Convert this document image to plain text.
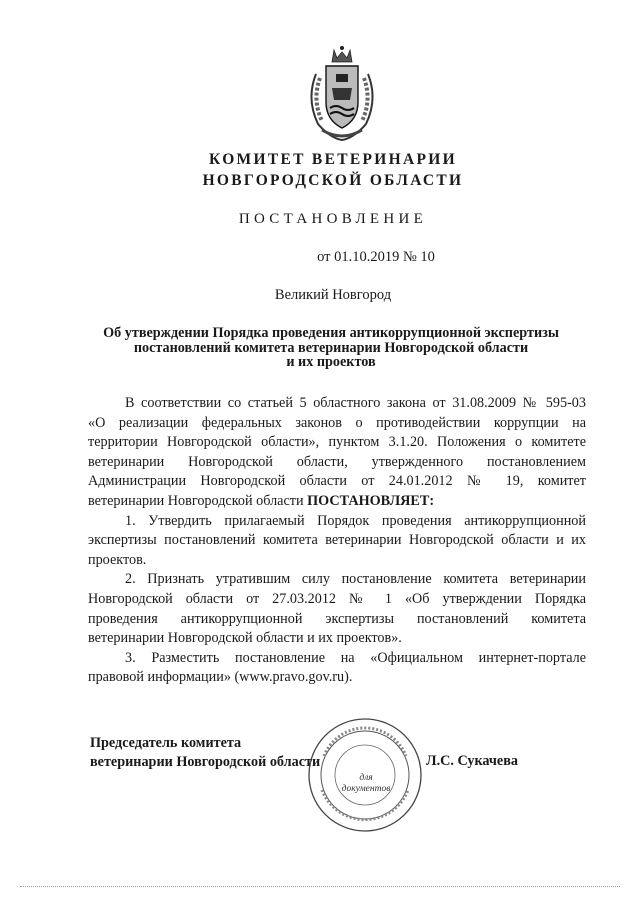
КОМИТЕТ ВЕТЕРИНАРИИ
НОВГОРОДСКОЙ ОБЛАСТИ
ПОСТАНОВЛЕНИЕ
от 01.10.2019 № 10
Великий Новгород
Об утверждении Порядка проведения антикоррупционной экспертизы
постановлений комитета ветеринарии Новгородской области
и их проектов
В соответствии со статьей 5 областного закона от 31.08.2009 № 595-03
«О реализации федеральных законов о противодействии коррупции на
территории Новгородской области», пунктом 3.1.20. Положения о комитете
ветеринарии Новгородской области, утвержденного постановлением
Администрации Новгородской области от 24.01.2012 № 19, комитет
ветеринарии Новгородской области ПОСТАНОВЛЯЕТ:
1. Утвердить прилагаемый Порядок проведения антикоррупционной
экспертизы постановлений комитета ветеринарии Новгородской области и их
проектов.
2. Признать утратившим силу постановление комитета ветеринарии
Новгородской области от 27.03.2012 № 1 «Об утверждении Порядка
проведения антикоррупционной экспертизы постановлений комитета
ветеринарии Новгородской области и их проектов».
3. Разместить постановление на «Официальном интернет-портале
правовой информации» (www.pravo.gov.ru).
для
документов
Председатель комитета
ветеринарии Новгородской области	Л.С. Сукачева
